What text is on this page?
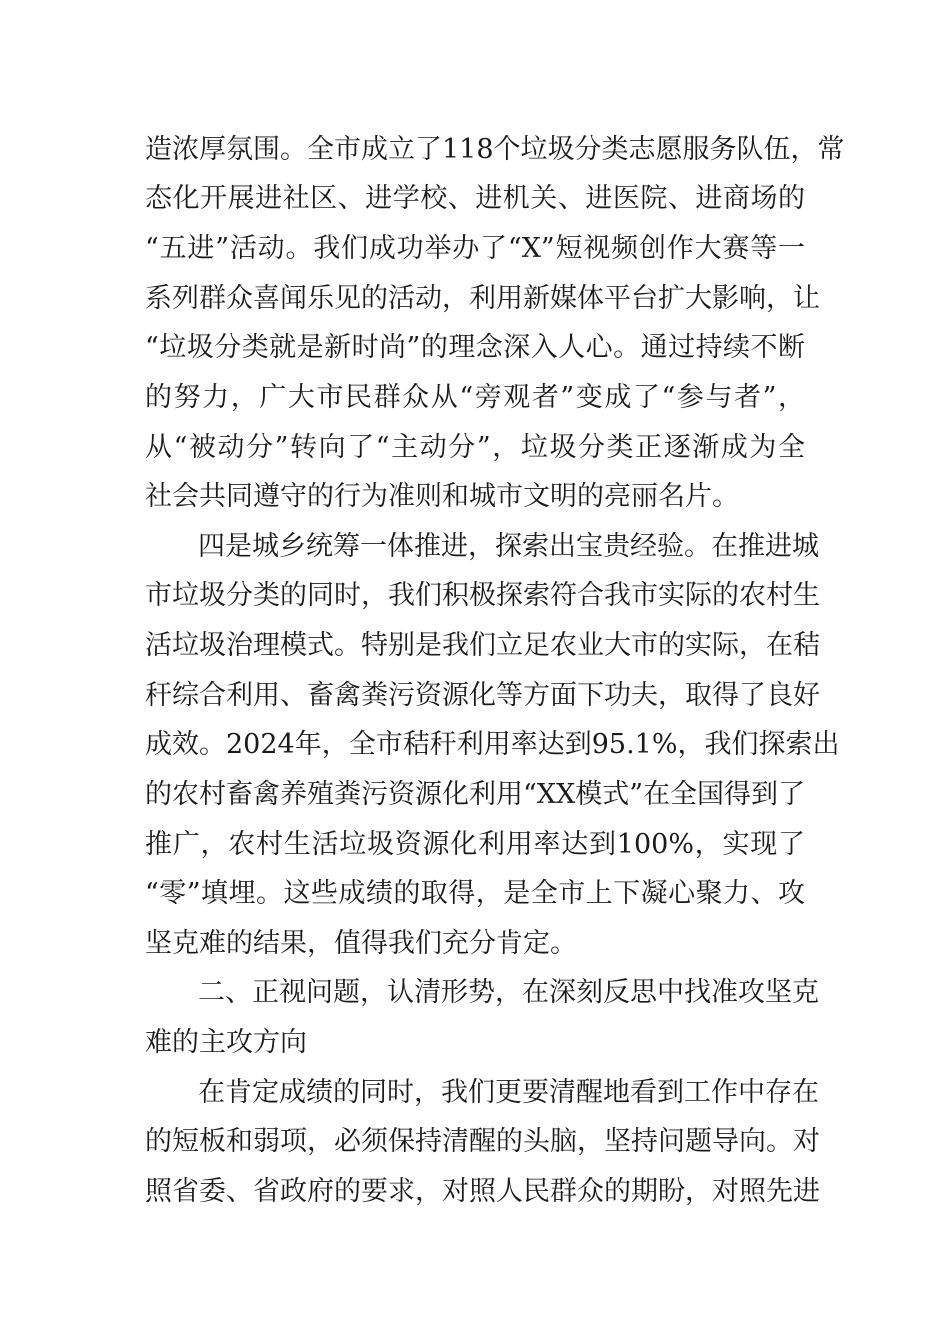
造浓厚氛围。全市成立了118个垃圾分类志愿服务队伍，常
态化开展进社区、进学校、进机关、进医院、进商场的
“五进”活动。我们成功举办了“X”短视频创作大赛等一
系列群众喜闻乐见的活动，利用新媒体平台扩大影响，让
“垃圾分类就是新时尚”的理念深入人心。通过持续不断
的努力，广大市民群众从“旁观者”变成了“参与者”，
从“被动分”转向了“主动分”，垃圾分类正逐渐成为全
社会共同遵守的行为准则和城市文明的亮丽名片。
四是城乡统筹一体推进，探索出宝贵经验。在推进城
市垃圾分类的同时，我们积极探索符合我市实际的农村生
活垃圾治理模式。特别是我们立足农业大市的实际，在秸
秆综合利用、畜禽粪污资源化等方面下功夫，取得了良好
成效。2024年，全市秸秆利用率达到95.1%，我们探索出
的农村畜禽养殖粪污资源化利用“XX模式”在全国得到了
推广，农村生活垃圾资源化利用率达到100%，实现了
“零”填埋。这些成绩的取得，是全市上下凝心聚力、攻
坚克难的结果，值得我们充分肯定。
二、正视问题，认清形势，在深刻反思中找准攻坚克
难的主攻方向
在肯定成绩的同时，我们更要清醒地看到工作中存在
的短板和弱项，必须保持清醒的头脑，坚持问题导向。对
照省委、省政府的要求，对照人民群众的期盼，对照先进
